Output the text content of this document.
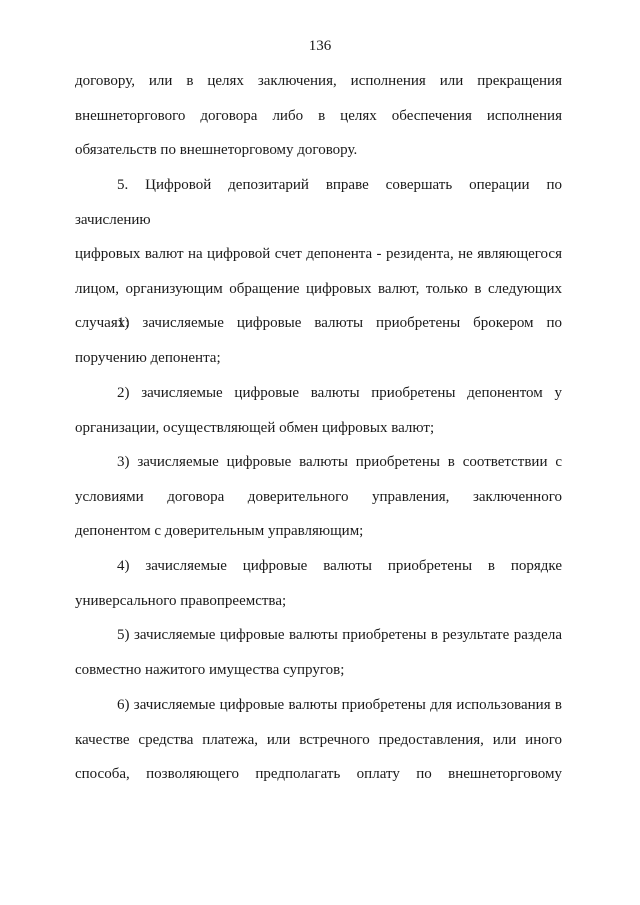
136
договору, или в целях заключения, исполнения или прекращения
внешнеторгового договора либо в целях обеспечения исполнения
обязательств по внешнеторговому договору.
5. Цифровой депозитарий вправе совершать операции по зачислению
цифровых валют на цифровой счет депонента - резидента, не являющегося
лицом, организующим обращение цифровых валют, только в следующих
случаях:
1) зачисляемые цифровые валюты приобретены брокером по
поручению депонента;
2) зачисляемые цифровые валюты приобретены депонентом у
организации, осуществляющей обмен цифровых валют;
3) зачисляемые цифровые валюты приобретены в соответствии с
условиями договора доверительного управления, заключенного
депонентом с доверительным управляющим;
4) зачисляемые цифровые валюты приобретены в порядке
универсального правопреемства;
5) зачисляемые цифровые валюты приобретены в результате раздела
совместно нажитого имущества супругов;
6) зачисляемые цифровые валюты приобретены для использования в
качестве средства платежа, или встречного предоставления, или иного
способа, позволяющего предполагать оплату по внешнеторговому
